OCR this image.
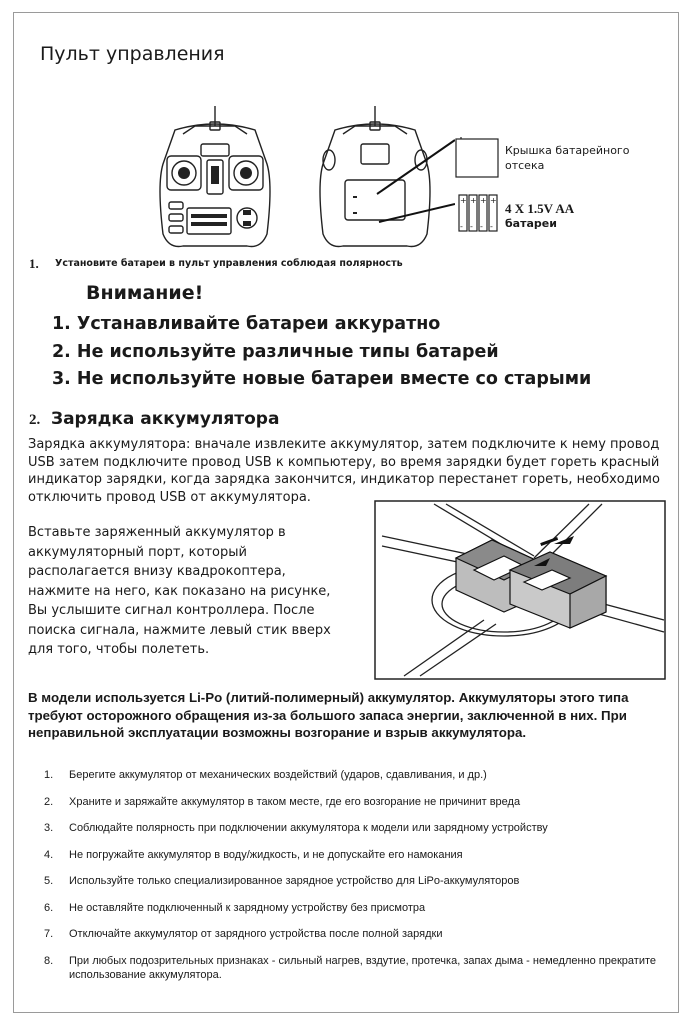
Пульт управления
+ + + +
- - - -
Крышка батарейного отсека
4 X 1.5V AA
батареи
1. Установите батареи в пульт управления соблюдая полярность
Внимание!
1. Устанавливайте батареи аккуратно
2. Не используйте различные типы батарей
3. Не используйте новые батареи вместе со старыми
2. Зарядка аккумулятора
Зарядка аккумулятора: вначале извлеките аккумулятор, затем подключите к нему провод USB затем подключите провод USB к компьютеру, во время зарядки будет гореть красный индикатор зарядки, когда зарядка закончится, индикатор перестанет гореть, необходимо отключить провод USB от аккумулятора.
Вставьте заряженный аккумулятор в аккумуляторный порт, который располагается внизу квадрокоптера, нажмите на него, как показано на рисунке, Вы услышите сигнал контроллера. После поиска сигнала, нажмите левый стик вверх для того, чтобы полететь.
В модели используется Li-Po (литий-полимерный) аккумулятор. Аккумуляторы этого типа требуют осторожного обращения из-за большого запаса энергии, заключенной в них. При неправильной эксплуатации возможны возгорание и взрыв аккумулятора.
1. Берегите аккумулятор от механических воздействий (ударов, сдавливания, и др.)
2. Храните и заряжайте аккумулятор в таком месте, где его возгорание не причинит вреда
3. Соблюдайте полярность при подключении аккумулятора к модели или зарядному устройству
4. Не погружайте аккумулятор в воду/жидкость, и не допускайте его намокания
5. Используйте только специализированное зарядное устройство для LiPo-аккумуляторов
6. Не оставляйте подключенный к зарядному устройству без присмотра
7. Отключайте аккумулятор от зарядного устройства после полной зарядки
8. При любых подозрительных признаках - сильный нагрев, вздутие, протечка, запах дыма - немедленно прекратите использование аккумулятора.
